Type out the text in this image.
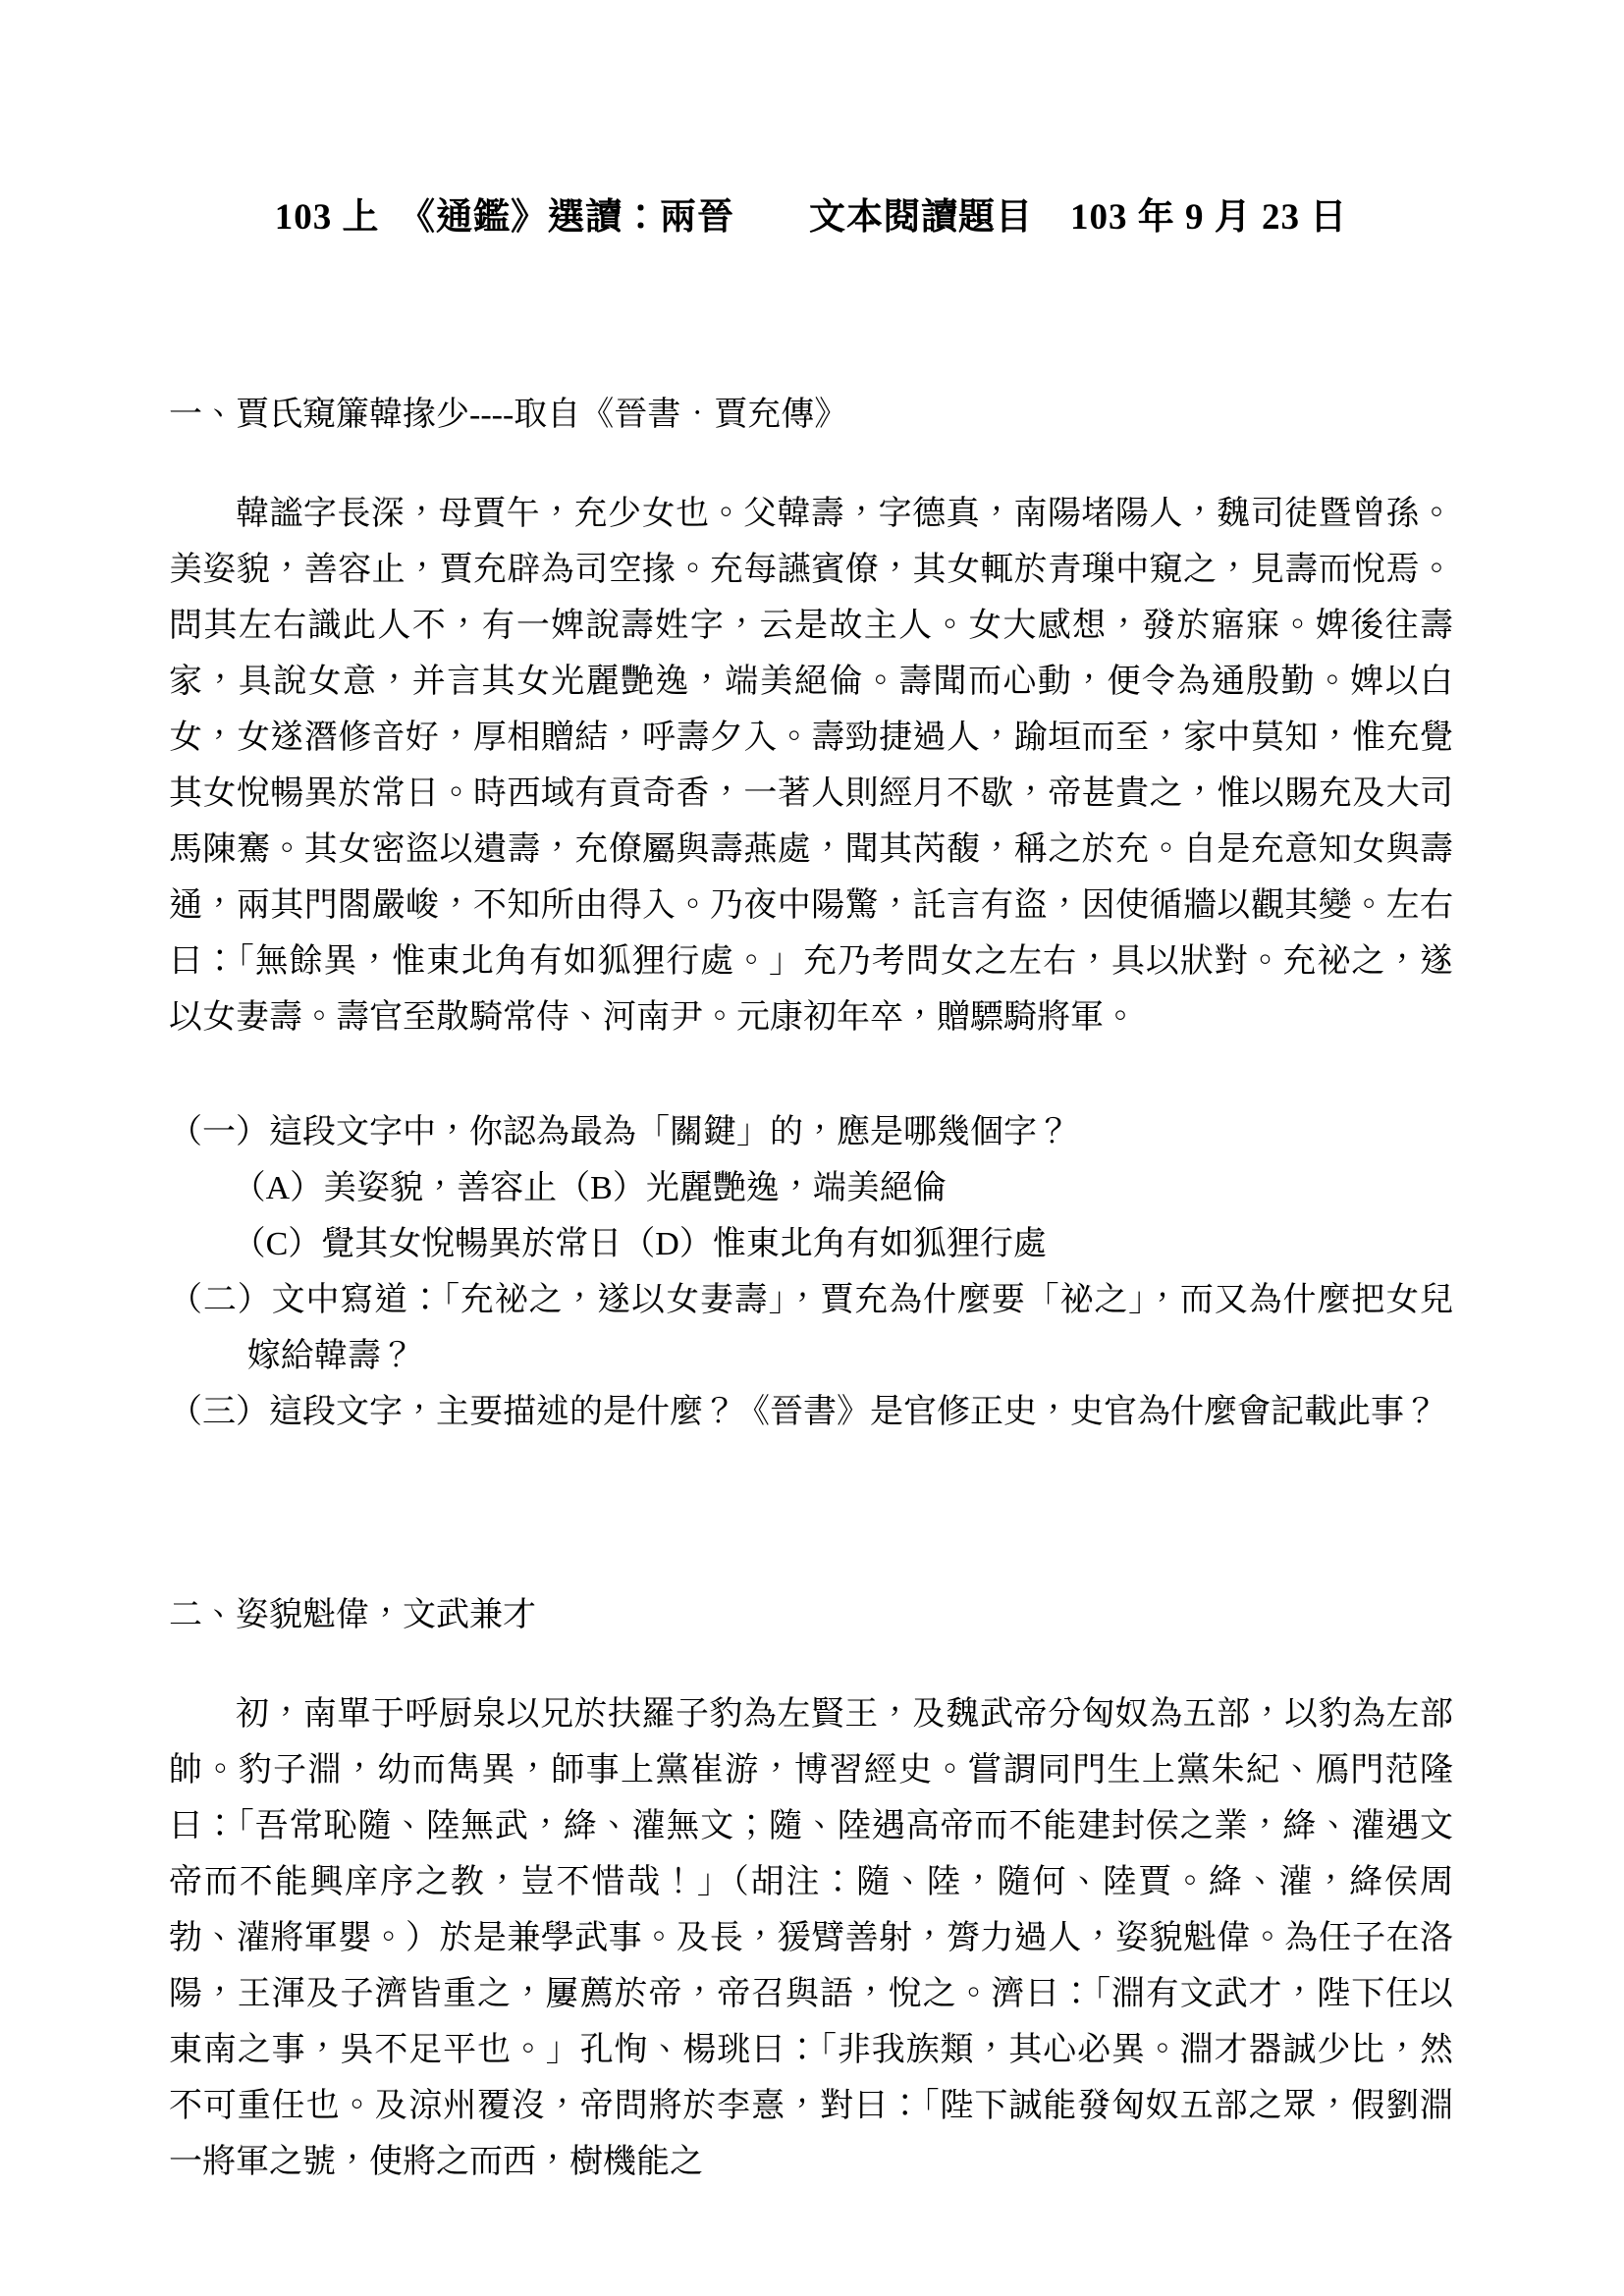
103 上　《通鑑》選讀：兩晉　　文本閱讀題目　103 年 9 月 23 日
一、賈氏窺簾韓掾少----取自《晉書．賈充傳》

韓謐字長深，母賈午，充少女也。父韓壽，字德真，南陽堵陽人，魏司徒暨曾孫。美姿貌，善容止，賈充辟為司空掾。充每讌賓僚，其女輒於青璅中窺之，見壽而悅焉。問其左右識此人不，有一婢說壽姓字，云是故主人。女大感想，發於寤寐。婢後往壽家，具說女意，并言其女光麗艷逸，端美絕倫。壽聞而心動，便令為通殷勤。婢以白女，女遂潛修音好，厚相贈結，呼壽夕入。壽勁捷過人，踰垣而至，家中莫知，惟充覺其女悅暢異於常日。時西域有貢奇香，一著人則經月不歇，帝甚貴之，惟以賜充及大司馬陳騫。其女密盜以遺壽，充僚屬與壽燕處，聞其芮馥，稱之於充。自是充意知女與壽通，兩其門閤嚴峻，不知所由得入。乃夜中陽驚，託言有盜，因使循牆以觀其變。左右曰：「無餘異，惟東北角有如狐狸行處。」充乃考問女之左右，具以狀對。充祕之，遂以女妻壽。壽官至散騎常侍、河南尹。元康初年卒，贈驃騎將軍。

（一）這段文字中，你認為最為「關鍵」的，應是哪幾個字？

（A）美姿貌，善容止（B）光麗艷逸，端美絕倫

（C）覺其女悅暢異於常日（D）惟東北角有如狐狸行處

（二）文中寫道：「充祕之，遂以女妻壽」，賈充為什麼要「祕之」，而又為什麼把女兒嫁給韓壽？

（三）這段文字，主要描述的是什麼？《晉書》是官修正史，史官為什麼會記載此事？

二、姿貌魁偉，文武兼才

初，南單于呼厨泉以兄於扶羅子豹為左賢王，及魏武帝分匈奴為五部，以豹為左部帥。豹子淵，幼而雋異，師事上黨崔游，博習經史。嘗謂同門生上黨朱紀、鴈門范隆曰：「吾常恥隨、陸無武，絳、灌無文；隨、陸遇高帝而不能建封侯之業，絳、灌遇文帝而不能興庠序之教，豈不惜哉！」（胡注：隨、陸，隨何、陸賈。絳、灌，絳侯周勃、灌將軍嬰。）於是兼學武事。及長，猨臂善射，膂力過人，姿貌魁偉。為任子在洛陽，王渾及子濟皆重之，屢薦於帝，帝召與語，悅之。濟曰：「淵有文武才，陛下任以東南之事，吳不足平也。」孔恂、楊珧曰：「非我族類，其心必異。淵才器誠少比，然不可重任也。及涼州覆沒，帝問將於李憙，對曰：「陛下誠能發匈奴五部之眾，假劉淵一將軍之號，使將之而西，樹機能之
